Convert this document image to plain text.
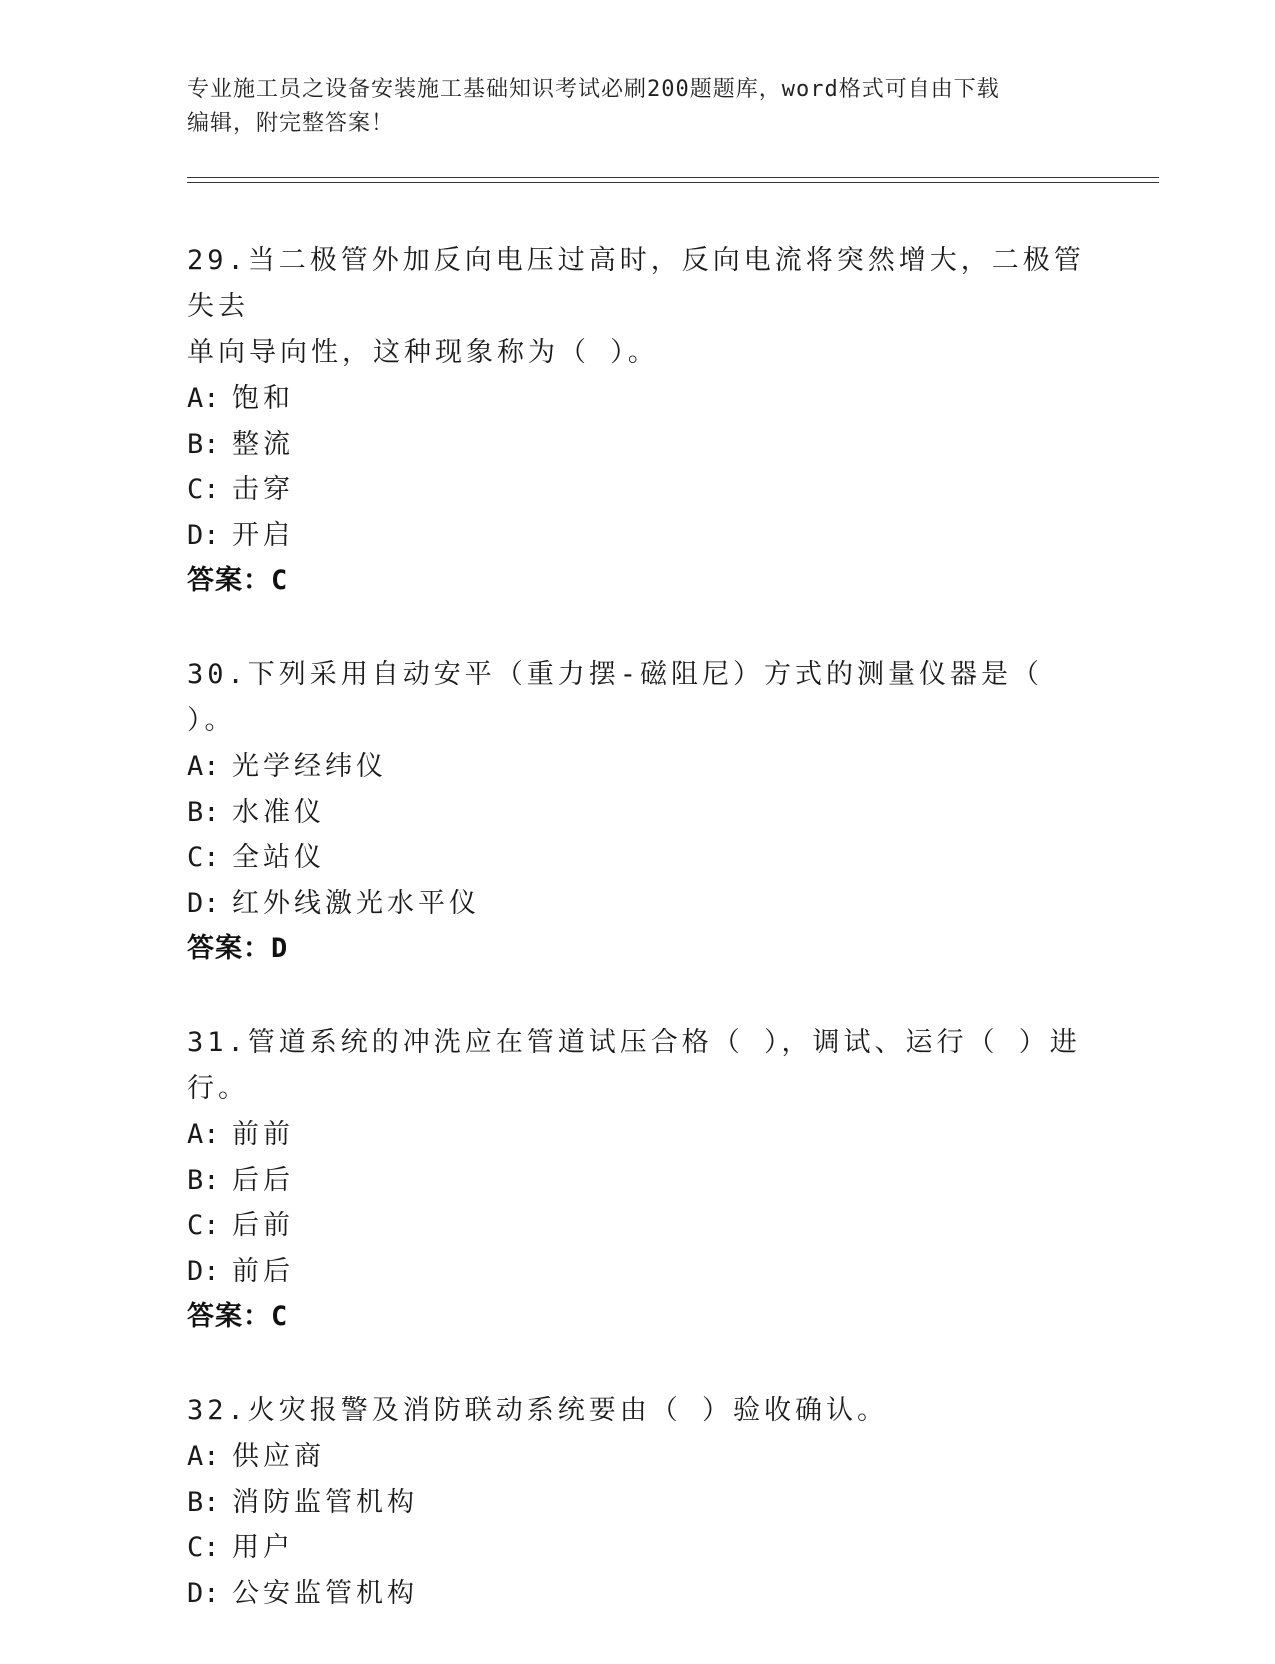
专业施工员之设备安装施工基础知识考试必刷200题题库，word格式可自由下载
编辑，附完整答案！
29.当二极管外加反向电压过高时，反向电流将突然增大，二极管失去
单向导向性，这种现象称为（ ）。
A: 饱和
B: 整流
C: 击穿
D: 开启
答案：C
30.下列采用自动安平（重力摆-磁阻尼）方式的测量仪器是（ ）。
A: 光学经纬仪
B: 水准仪
C: 全站仪
D: 红外线激光水平仪
答案：D
31.管道系统的冲洗应在管道试压合格（ ），调试、运行（ ）进行。
A: 前前
B: 后后
C: 后前
D: 前后
答案：C
32.火灾报警及消防联动系统要由（ ）验收确认。
A: 供应商
B: 消防监管机构
C: 用户
D: 公安监管机构
